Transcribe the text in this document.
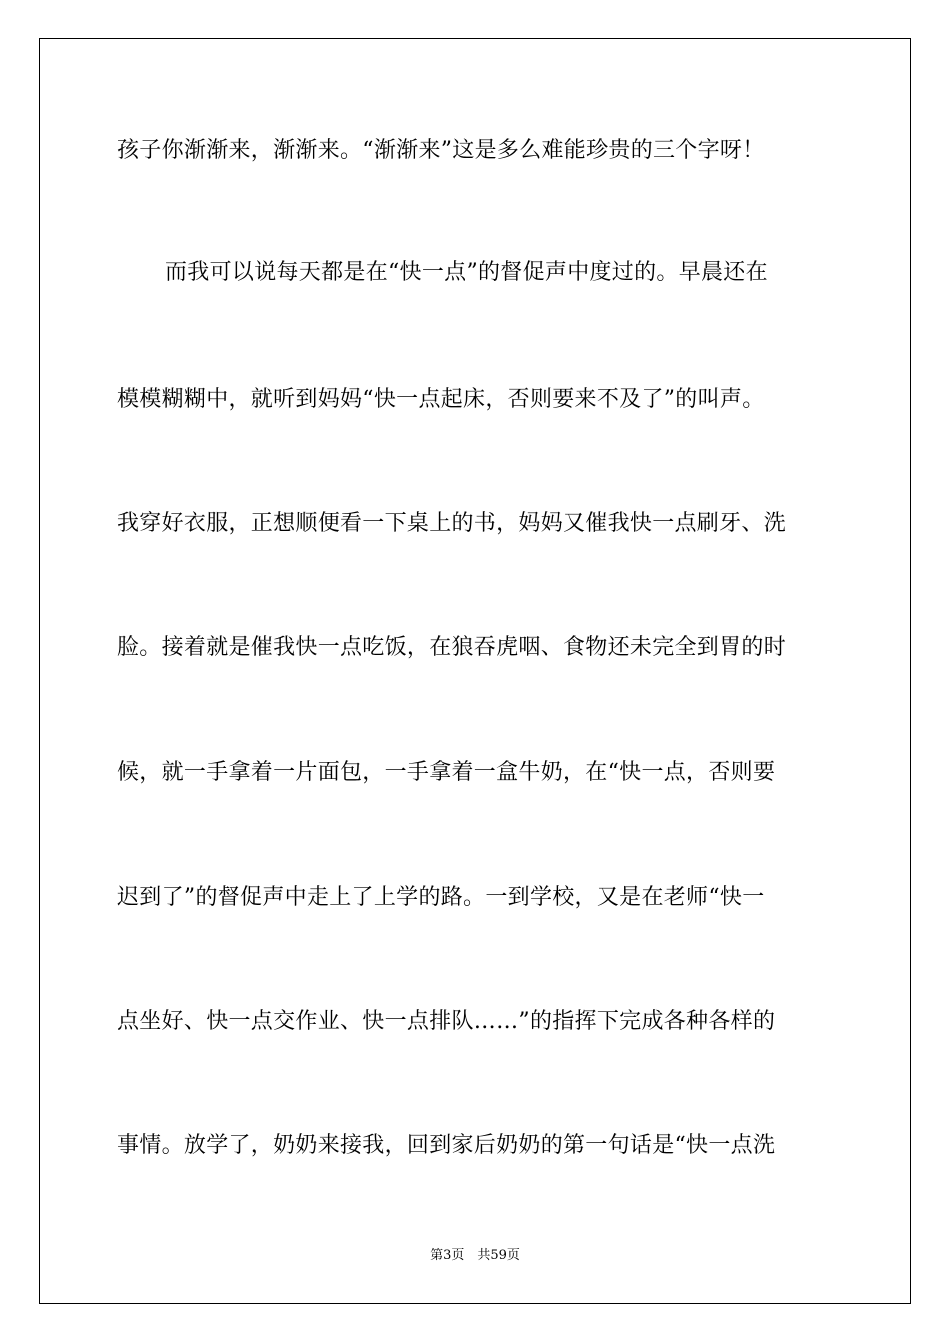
孩子你渐渐来，渐渐来。“渐渐来”这是多么难能珍贵的三个字呀！
而我可以说每天都是在“快一点”的督促声中度过的。早晨还在
模模糊糊中，就听到妈妈“快一点起床，否则要来不及了”的叫声。
我穿好衣服，正想顺便看一下桌上的书，妈妈又催我快一点刷牙、洗
脸。接着就是催我快一点吃饭，在狼吞虎咽、食物还未完全到胃的时
候，就一手拿着一片面包，一手拿着一盒牛奶，在“快一点，否则要
迟到了”的督促声中走上了上学的路。一到学校，又是在老师“快一
点坐好、快一点交作业、快一点排队……”的指挥下完成各种各样的
事情。放学了，奶奶来接我，回到家后奶奶的第一句话是“快一点洗
第3页　共59页
